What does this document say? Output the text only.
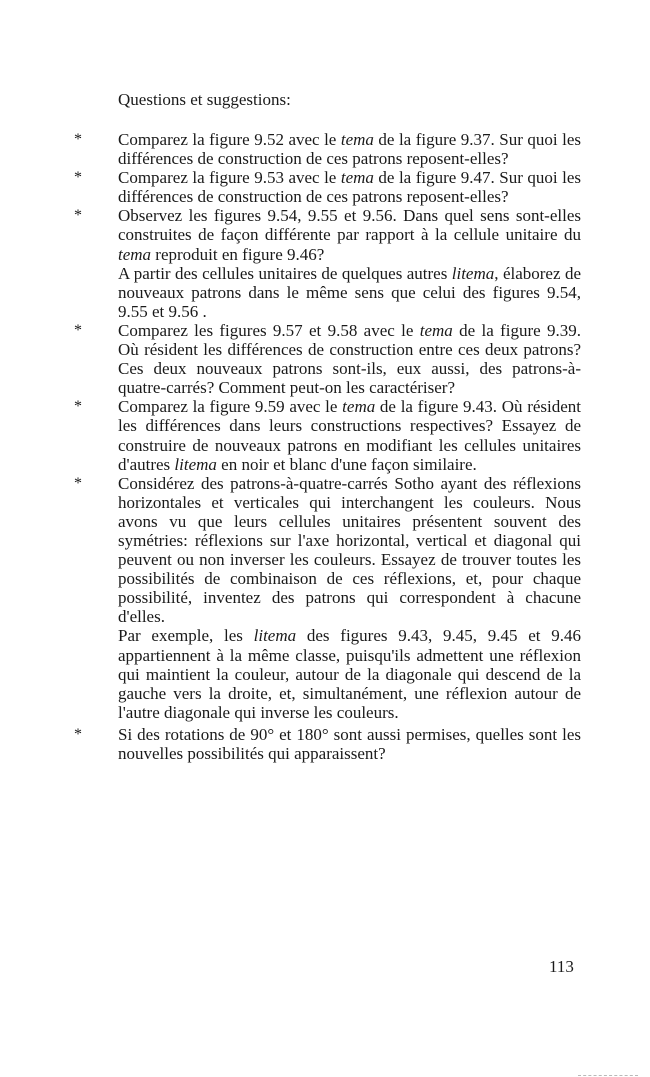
Questions et suggestions:
* Comparez la figure 9.52 avec le tema de la figure 9.37. Sur quoi les différences de construction de ces patrons reposent-elles?

* Comparez la figure 9.53 avec le tema de la figure 9.47. Sur quoi les différences de construction de ces patrons reposent-elles?

* Observez les figures 9.54, 9.55 et 9.56. Dans quel sens sont-elles construites de façon différente par rapport à la cellule unitaire du tema reproduit en figure 9.46?

A partir des cellules unitaires de quelques autres litema, élaborez de nouveaux patrons dans le même sens que celui des figures 9.54, 9.55 et 9.56 .

* Comparez les figures 9.57 et 9.58 avec le tema de la figure 9.39. Où résident les différences de construction entre ces deux patrons? Ces deux nouveaux patrons sont-ils, eux aussi, des patrons-à-quatre-carrés? Comment peut-on les caractériser?

* Comparez la figure 9.59 avec le tema de la figure 9.43. Où résident les différences dans leurs constructions respectives? Essayez de construire de nouveaux patrons en modifiant les cellules unitaires d'autres litema en noir et blanc d'une façon similaire.

* Considérez des patrons-à-quatre-carrés Sotho ayant des réflexions horizontales et verticales qui interchangent les couleurs. Nous avons vu que leurs cellules unitaires présentent souvent des symétries: réflexions sur l'axe horizontal, vertical et diagonal qui peuvent ou non inverser les couleurs. Essayez de trouver toutes les possibilités de combinaison de ces réflexions, et, pour chaque possibilité, inventez des patrons qui correspondent à chacune d'elles.

Par exemple, les litema des figures 9.43, 9.45, 9.45 et 9.46 appartiennent à la même classe, puisqu'ils admettent une réflexion qui maintient la couleur, autour de la diagonale qui descend de la gauche vers la droite, et, simultanément, une réflexion autour de l'autre diagonale qui inverse les couleurs.

* Si des rotations de 90° et 180° sont aussi permises, quelles sont les nouvelles possibilités qui apparaissent?

113
